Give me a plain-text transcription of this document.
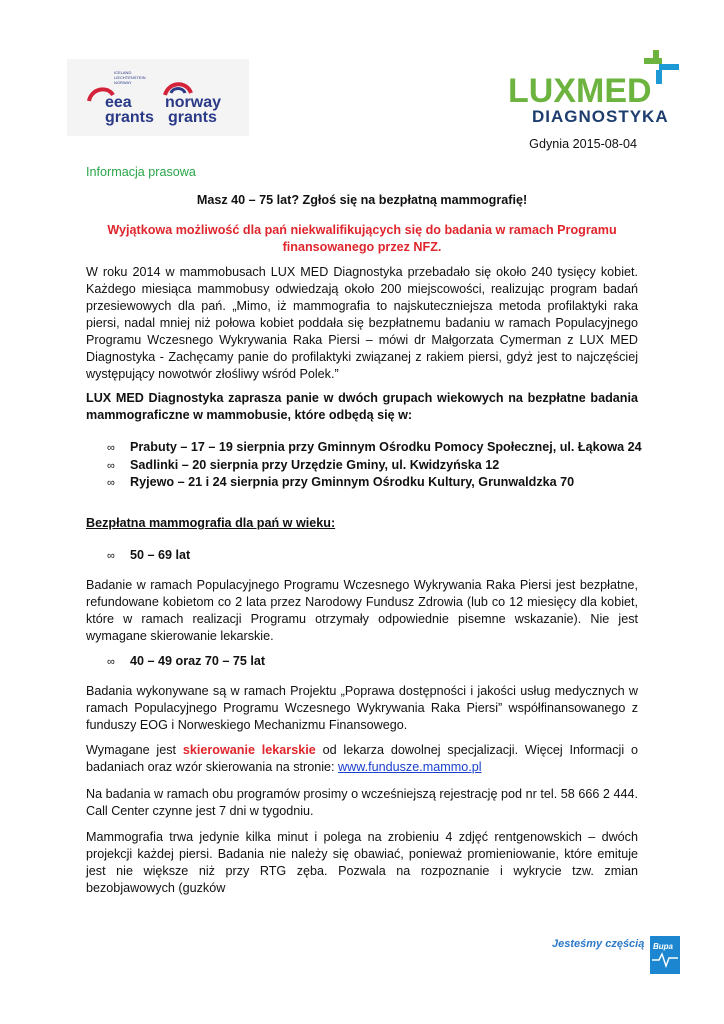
ICELAND
LIECHTENSTEIN
NORWAY
eea
grants
norway
grants
LUXMED
DIAGNOSTYKA
Gdynia 2015-08-04
Informacja prasowa
Masz 40 – 75 lat? Zgłoś się na bezpłatną mammografię!
Wyjątkowa możliwość dla pań niekwalifikujących się do badania w ramach Programu finansowanego przez NFZ.

W roku 2014 w mammobusach LUX MED Diagnostyka przebadało się około 240 tysięcy kobiet. Każdego miesiąca mammobusy odwiedzają około 200 miejscowości, realizując program badań przesiewowych dla pań. „Mimo, iż mammografia to najskuteczniejsza metoda profilaktyki raka piersi, nadal mniej niż połowa kobiet poddała się bezpłatnemu badaniu w ramach Populacyjnego Programu Wczesnego Wykrywania Raka Piersi – mówi dr Małgorzata Cymerman z LUX MED Diagnostyka - Zachęcamy panie do profilaktyki związanej z rakiem piersi, gdyż jest to najczęściej występujący nowotwór złośliwy wśród Polek.”

LUX MED Diagnostyka zaprasza panie w dwóch grupach wiekowych na bezpłatne badania mammograficzne w mammobusie, które odbędą się w:

∞ Prabuty – 17 – 19 sierpnia przy Gminnym Ośrodku Pomocy Społecznej, ul. Łąkowa 24
∞ Sadlinki – 20 sierpnia przy Urzędzie Gminy, ul. Kwidzyńska 12
∞ Ryjewo – 21 i 24 sierpnia przy Gminnym Ośrodku Kultury, Grunwaldzka 70
Bezpłatna mammografia dla pań w wieku:
∞ 50 – 69 lat

Badanie w ramach Populacyjnego Programu Wczesnego Wykrywania Raka Piersi jest bezpłatne, refundowane kobietom co 2 lata przez Narodowy Fundusz Zdrowia (lub co 12 miesięcy dla kobiet, które w ramach realizacji Programu otrzymały odpowiednie pisemne wskazanie). Nie jest wymagane skierowanie lekarskie.

∞ 40 – 49 oraz 70 – 75 lat

Badania wykonywane są w ramach Projektu „Poprawa dostępności i jakości usług medycznych w ramach Populacyjnego Programu Wczesnego Wykrywania Raka Piersi” współfinansowanego z funduszy EOG i Norweskiego Mechanizmu Finansowego.

Wymagane jest skierowanie lekarskie od lekarza dowolnej specjalizacji. Więcej Informacji o badaniach oraz wzór skierowania na stronie: www.fundusze.mammo.pl

Na badania w ramach obu programów prosimy o wcześniejszą rejestrację pod nr tel. 58 666 2 444. Call Center czynne jest 7 dni w tygodniu.

Mammografia trwa jedynie kilka minut i polega na zrobieniu 4 zdjęć rentgenowskich – dwóch projekcji każdej piersi. Badania nie należy się obawiać, ponieważ promieniowanie, które emituje jest nie większe niż przy RTG zęba. Pozwala na rozpoznanie i wykrycie tzw. zmian bezobjawowych (guzków

Jesteśmy częścią Bupa
